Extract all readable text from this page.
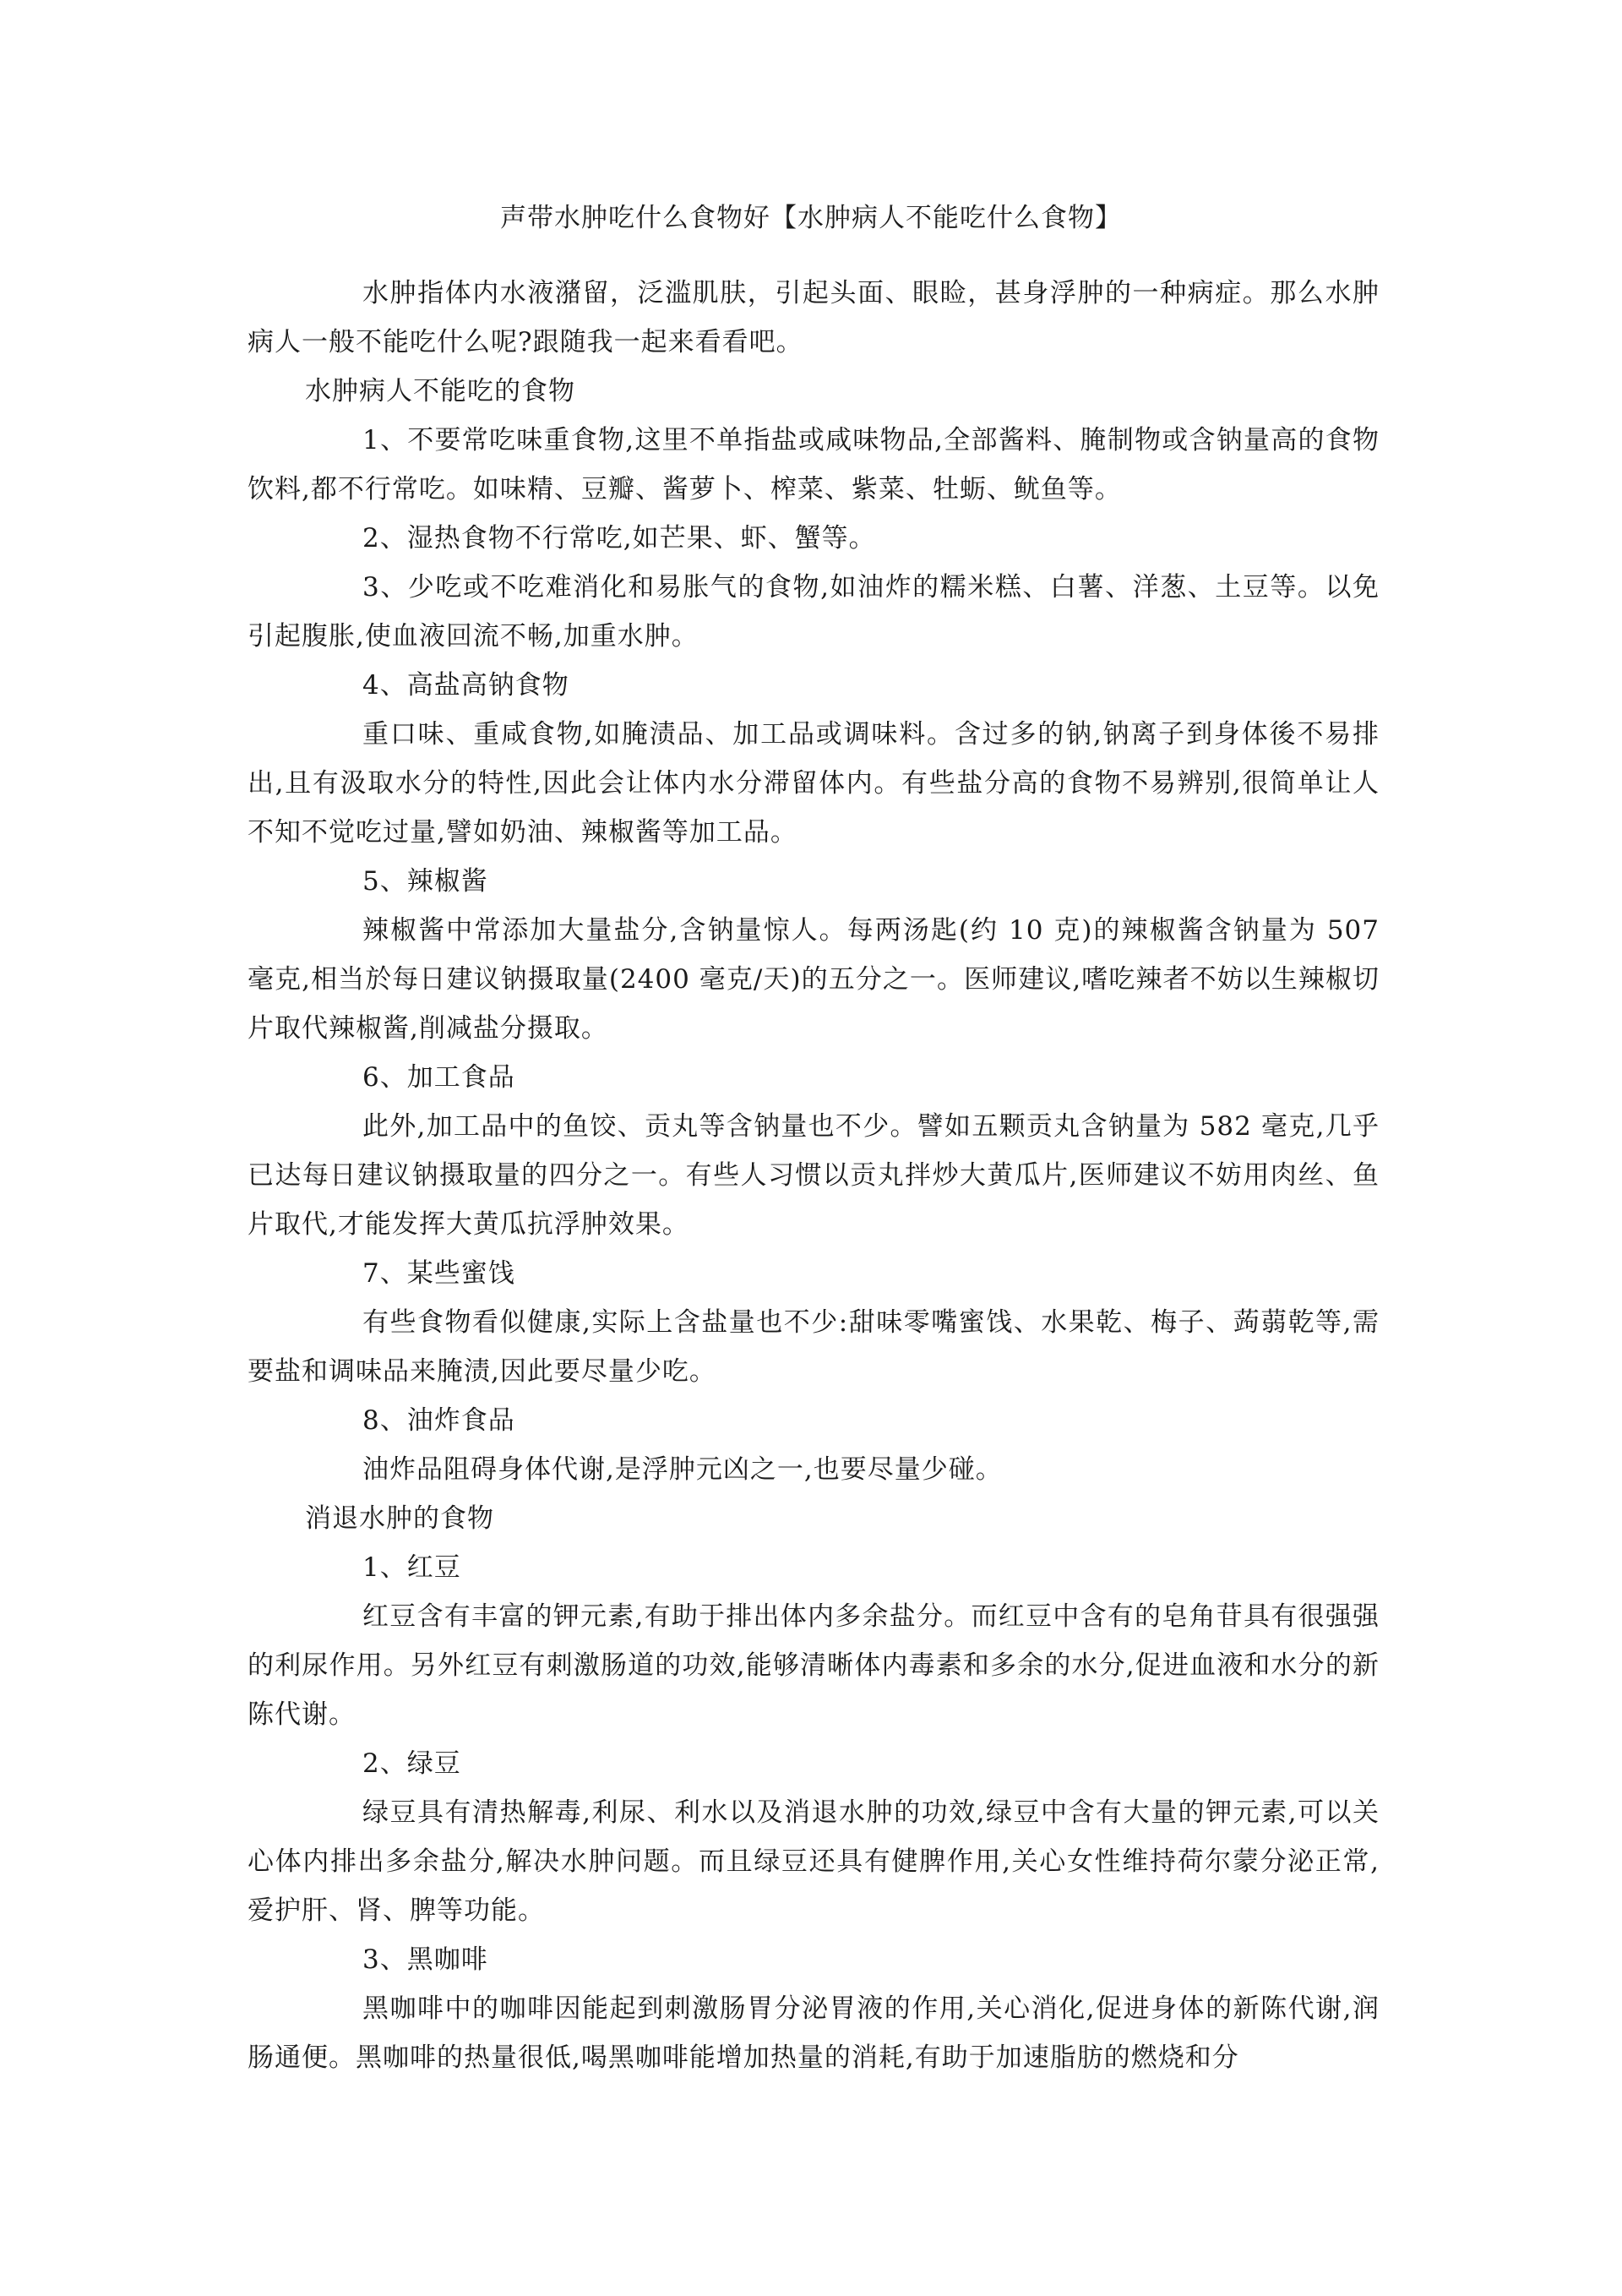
声带水肿吃什么食物好【水肿病人不能吃什么食物】

水肿指体内水液潴留，泛滥肌肤，引起头面、眼睑，甚身浮肿的一种病症。那么水肿病人一般不能吃什么呢?跟随我一起来看看吧。

水肿病人不能吃的食物

1、不要常吃味重食物,这里不单指盐或咸味物品,全部酱料、腌制物或含钠量高的食物饮料,都不行常吃。如味精、豆瓣、酱萝卜、榨菜、紫菜、牡蛎、鱿鱼等。

2、湿热食物不行常吃,如芒果、虾、蟹等。

3、少吃或不吃难消化和易胀气的食物,如油炸的糯米糕、白薯、洋葱、土豆等。以免引起腹胀,使血液回流不畅,加重水肿。

4、高盐高钠食物

重口味、重咸食物,如腌渍品、加工品或调味料。含过多的钠,钠离子到身体後不易排出,且有汲取水分的特性,因此会让体内水分滞留体内。有些盐分高的食物不易辨别,很简单让人不知不觉吃过量,譬如奶油、辣椒酱等加工品。

5、辣椒酱

辣椒酱中常添加大量盐分,含钠量惊人。每两汤匙(约 10 克)的辣椒酱含钠量为 507 毫克,相当於每日建议钠摄取量(2400 毫克/天)的五分之一。医师建议,嗜吃辣者不妨以生辣椒切片取代辣椒酱,削减盐分摄取。

6、加工食品

此外,加工品中的鱼饺、贡丸等含钠量也不少。譬如五颗贡丸含钠量为 582 毫克,几乎已达每日建议钠摄取量的四分之一。有些人习惯以贡丸拌炒大黄瓜片,医师建议不妨用肉丝、鱼片取代,才能发挥大黄瓜抗浮肿效果。

7、某些蜜饯

有些食物看似健康,实际上含盐量也不少:甜味零嘴蜜饯、水果乾、梅子、蒟蒻乾等,需要盐和调味品来腌渍,因此要尽量少吃。

8、油炸食品

油炸品阻碍身体代谢,是浮肿元凶之一,也要尽量少碰。

消退水肿的食物

1、红豆

红豆含有丰富的钾元素,有助于排出体内多余盐分。而红豆中含有的皂角苷具有很强强的利尿作用。另外红豆有刺激肠道的功效,能够清晰体内毒素和多余的水分,促进血液和水分的新陈代谢。

2、绿豆

绿豆具有清热解毒,利尿、利水以及消退水肿的功效,绿豆中含有大量的钾元素,可以关心体内排出多余盐分,解决水肿问题。而且绿豆还具有健脾作用,关心女性维持荷尔蒙分泌正常,爱护肝、肾、脾等功能。

3、黑咖啡

黑咖啡中的咖啡因能起到刺激肠胃分泌胃液的作用,关心消化,促进身体的新陈代谢,润肠通便。黑咖啡的热量很低,喝黑咖啡能增加热量的消耗,有助于加速脂肪的燃烧和分
